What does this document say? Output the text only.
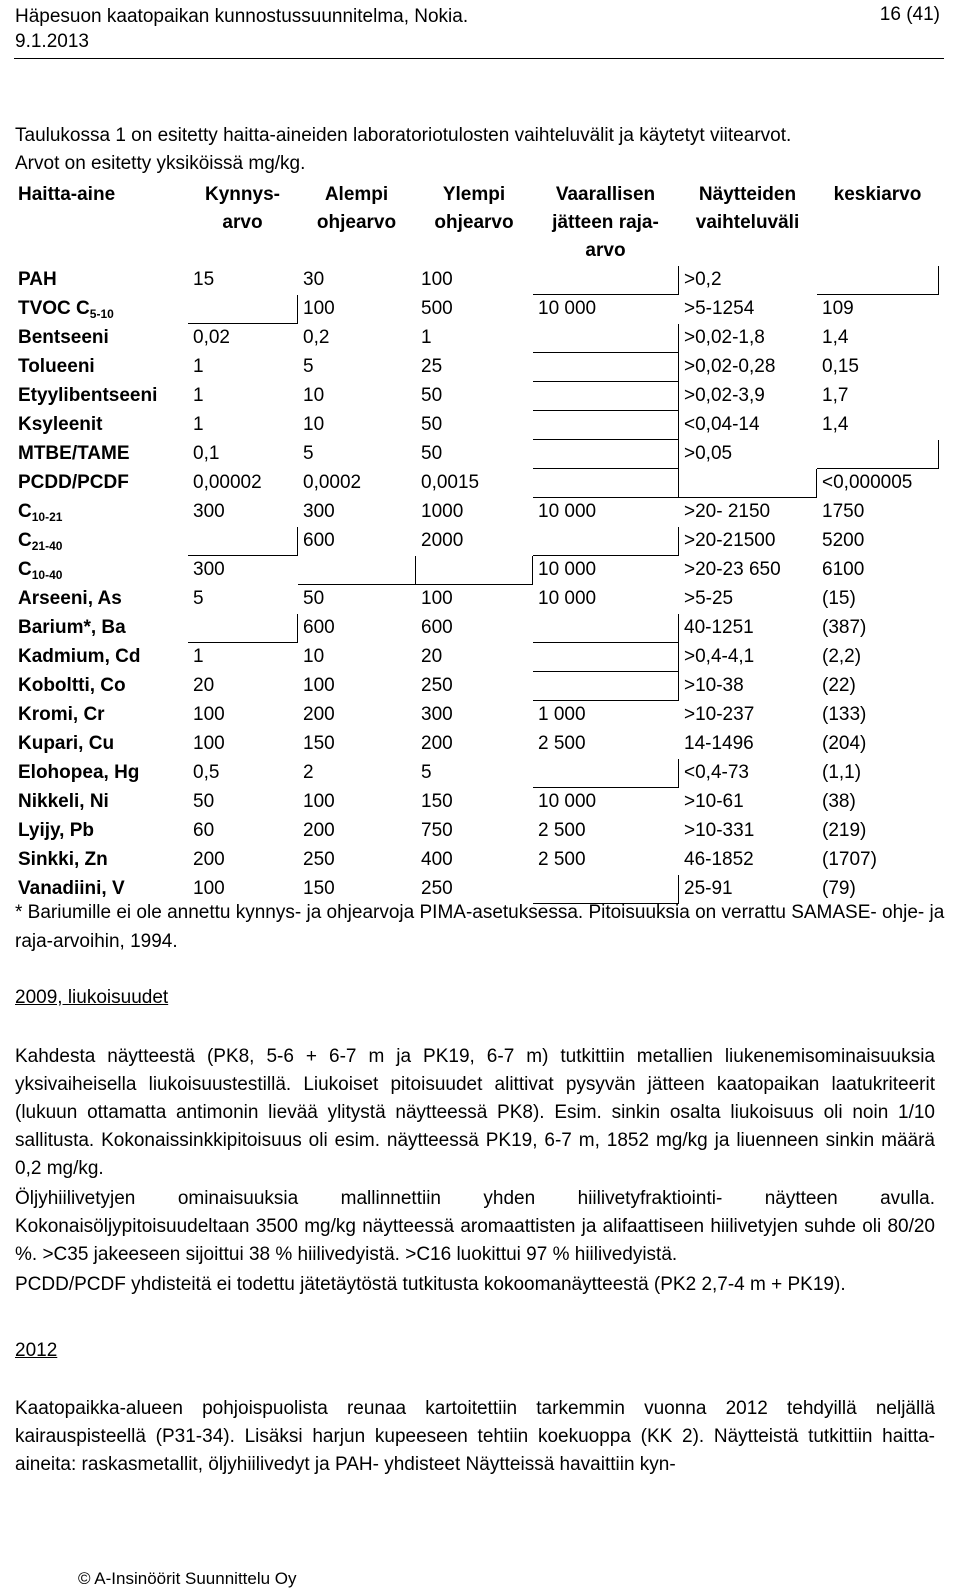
Häpesuon kaatopaikan kunnostussuunnitelma, Nokia.
9.1.2013
16 (41)

Taulukossa 1 on esitetty haitta-aineiden laboratoriotulosten vaihteluvälit ja käytetyt viitearvot.

Arvot on esitetty yksiköissä mg/kg.

Haitta-aine	Kynnys-arvo	Alempi ohjearvo	Ylempi ohjearvo	Vaarallisen jätteen raja-arvo	Näytteiden vaihteluväli	keskiarvo
PAH	15	30	100		>0,2	
TVOC $C_{5-10}$		100	500	10 000	>5-1254	109
Bentseeni	0,02	0,2	1		>0,02-1,8	1,4
Tolueeni	1	5	25		>0,02-0,28	0,15
Etyylibentseeni	1	10	50		>0,02-3,9	1,7
Ksyleenit	1	10	50		<0,04-14	1,4
MTBE/TAME	0,1	5	50		>0,05	
PCDD/PCDF	0,00002	0,0002	0,0015			<0,000005
$C_{10-21}$	300	300	1000	10 000	>20- 2150	1750
$C_{21-40}$		600	2000		>20-21500	5200
$C_{10-40}$	300			10 000	>20-23 650	6100
Arseeni, As	5	50	100	10 000	>5-25	(15)
Barium*, Ba		600	600		40-1251	(387)
Kadmium, Cd	1	10	20		>0,4-4,1	(2,2)
Koboltti, Co	20	100	250		>10-38	(22)
Kromi, Cr	100	200	300	1 000	>10-237	(133)
Kupari, Cu	100	150	200	2 500	14-1496	(204)
Elohopea, Hg	0,5	2	5		<0,4-73	(1,1)
Nikkeli, Ni	50	100	150	10 000	>10-61	(38)
Lyijy, Pb	60	200	750	2 500	>10-331	(219)
Sinkki, Zn	200	250	400	2 500	46-1852	(1707)
Vanadiini, V	100	150	250		25-91	(79)

* Bariumille ei ole annettu kynnys- ja ohjearvoja PIMA-asetuksessa. Pitoisuuksia on verrattu SAMASE- ohje- ja raja-arvoihin, 1994.

2009, liukoisuudet

Kahdesta näytteestä (PK8, 5-6 + 6-7 m ja PK19, 6-7 m) tutkittiin metallien liukenemisominaisuuksia yksivaiheisella liukoisuustestillä. Liukoiset pitoisuudet alittivat pysyvän jätteen kaatopaikan laatukriteerit (lukuun ottamatta antimonin lievää ylitystä näytteessä PK8). Esim. sinkin osalta liukoisuus oli noin 1/10 sallitusta. Kokonaissinkkipitoisuus oli esim. näytteessä PK19, 6-7 m, 1852 mg/kg ja liuenneen sinkin määrä 0,2 mg/kg.

Öljyhiilivetyjen ominaisuuksia mallinnettiin yhden hiilivetyfraktiointi- näytteen avulla. Kokonaisöljypitoisuudeltaan 3500 mg/kg näytteessä aromaattisten ja alifaattiseen hiilivetyjen suhde oli 80/20 %. >C35 jakeeseen sijoittui 38 % hiilivedyistä. >C16 luokittui 97 % hiilivedyistä.

PCDD/PCDF yhdisteitä ei todettu jätetäytöstä tutkitusta kokoomanäytteestä (PK2 2,7-4 m + PK19).

2012

Kaatopaikka-alueen pohjoispuolista reunaa kartoitettiin tarkemmin vuonna 2012 tehdyillä neljällä kairauspisteellä (P31-34). Lisäksi harjun kupeeseen tehtiin koekuoppa (KK 2). Näytteistä tutkittiin haitta-aineita: raskasmetallit, öljyhiilivedyt ja PAH- yhdisteet Näytteissä havaittiin kyn-

© A-Insinöörit Suunnittelu Oy
